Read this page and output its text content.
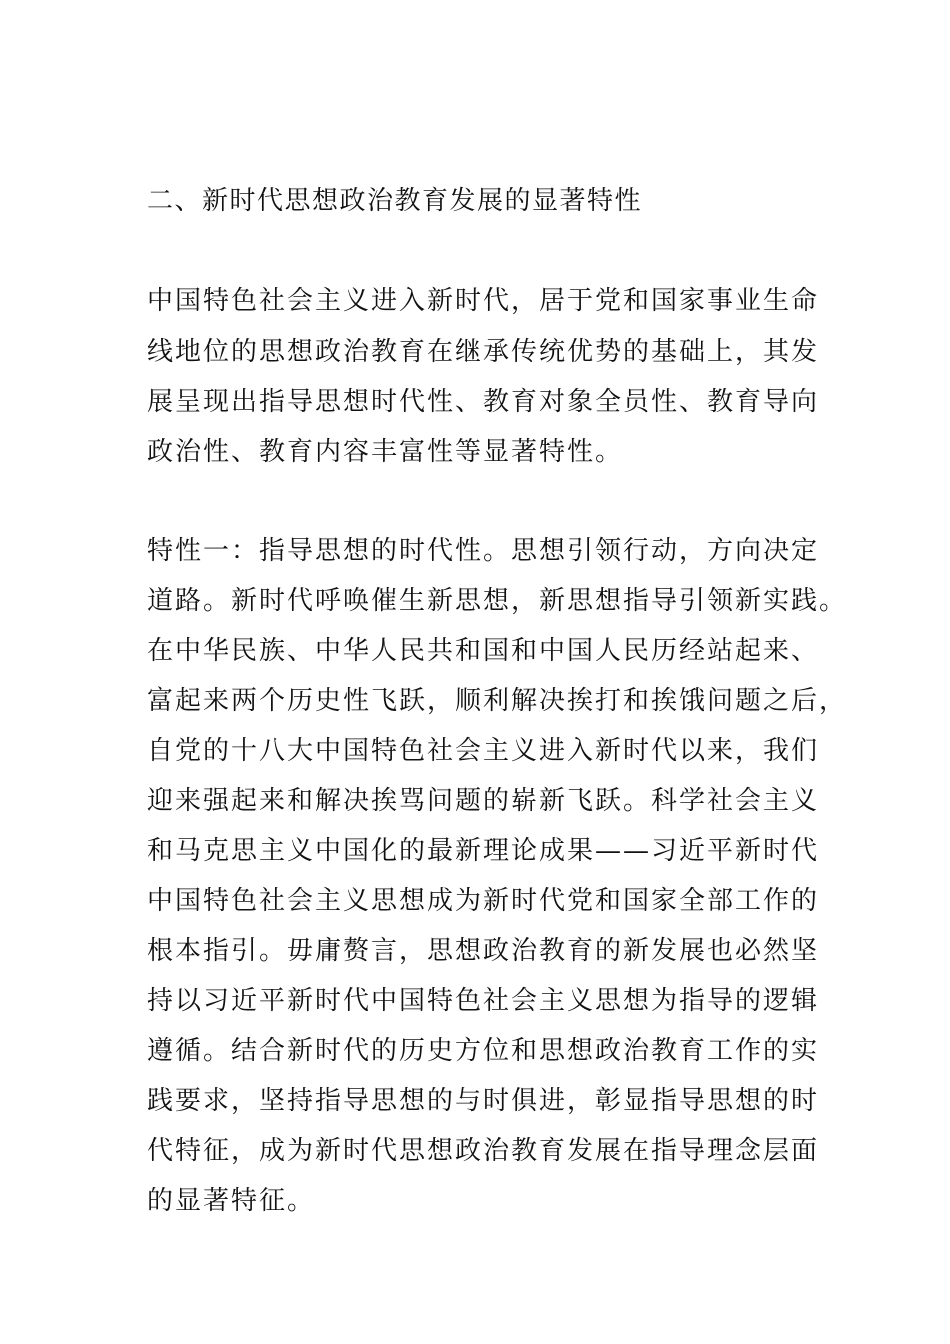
二、新时代思想政治教育发展的显著特性
中国特色社会主义进入新时代，居于党和国家事业生命
线地位的思想政治教育在继承传统优势的基础上，其发
展呈现出指导思想时代性、教育对象全员性、教育导向
政治性、教育内容丰富性等显著特性。
特性一：指导思想的时代性。思想引领行动，方向决定
道路。新时代呼唤催生新思想，新思想指导引领新实践。
在中华民族、中华人民共和国和中国人民历经站起来、
富起来两个历史性飞跃，顺利解决挨打和挨饿问题之后，
自党的十八大中国特色社会主义进入新时代以来，我们
迎来强起来和解决挨骂问题的崭新飞跃。科学社会主义
和马克思主义中国化的最新理论成果——习近平新时代
中国特色社会主义思想成为新时代党和国家全部工作的
根本指引。毋庸赘言，思想政治教育的新发展也必然坚
持以习近平新时代中国特色社会主义思想为指导的逻辑
遵循。结合新时代的历史方位和思想政治教育工作的实
践要求，坚持指导思想的与时俱进，彰显指导思想的时
代特征，成为新时代思想政治教育发展在指导理念层面
的显著特征。
